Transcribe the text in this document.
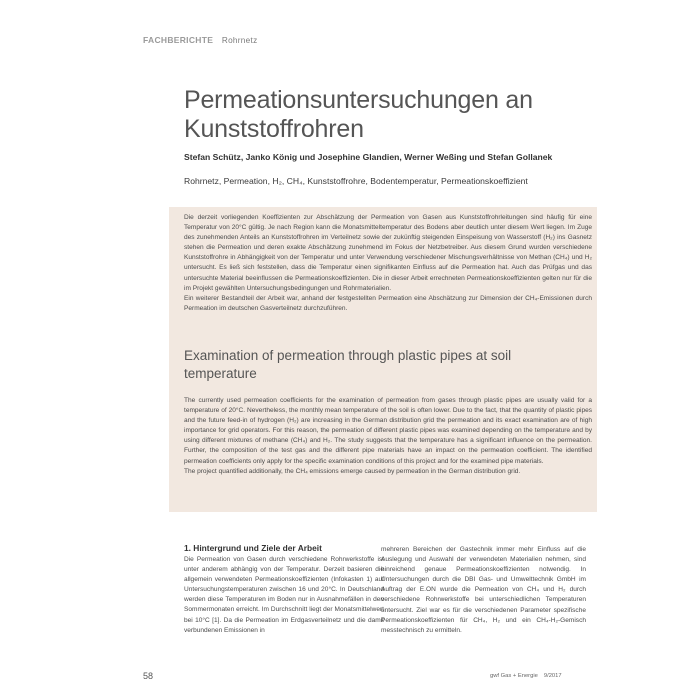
FACHBERICHTE Rohrnetz
Permeationsuntersuchungen an Kunststoffrohren
Stefan Schütz, Janko König und Josephine Glandien, Werner Weßing und Stefan Gollanek
Rohrnetz, Permeation, H₂, CH₄, Kunststoffrohre, Bodentemperatur, Permeationskoeffizient

Die derzeit vorliegenden Koeffizienten zur Abschätzung der Permeation von Gasen aus Kunststoffrohrleitungen sind häufig für eine Temperatur von 20°C gültig. Je nach Region kann die Monatsmitteltemperatur des Bodens aber deutlich unter diesem Wert liegen. Im Zuge des zunehmenden Anteils an Kunststoffrohren im Verteilnetz sowie der zukünftig steigenden Einspeisung von Wasserstoff (H₂) ins Gasnetz stehen die Permeation und deren exakte Abschätzung zunehmend im Fokus der Netzbetreiber. Aus diesem Grund wurden verschiedene Kunststoffrohre in Abhängigkeit von der Temperatur und unter Verwendung verschiedener Mischungsverhältnisse von Methan (CH₄) und H₂ untersucht. Es ließ sich feststellen, dass die Temperatur einen signifikanten Einfluss auf die Permeation hat. Auch das Prüfgas und das untersuchte Material beeinflussen die Permeationskoeffizienten. Die in dieser Arbeit errechneten Permeationskoeffizienten gelten nur für die im Projekt gewählten Untersuchungsbedingungen und Rohrmaterialien.

Ein weiterer Bestandteil der Arbeit war, anhand der festgestellten Permeation eine Abschätzung zur Dimension der CH₄-Emissionen durch Permeation im deutschen Gasverteilnetz durchzuführen.

Examination of permeation through plastic pipes at soil temperature

The currently used permeation coefficients for the examination of permeation from gases through plastic pipes are usually valid for a temperature of 20°C. Nevertheless, the monthly mean temperature of the soil is often lower. Due to the fact, that the quantity of plastic pipes and the future feed-in of hydrogen (H₂) are increasing in the German distribution grid the permeation and its exact examination are of high importance for grid operators. For this reason, the permeation of different plastic pipes was examined depending on the temperature and by using different mixtures of methane (CH₄) and H₂. The study suggests that the temperature has a significant influence on the permeation. Further, the composition of the test gas and the different pipe materials have an impact on the permeation coefficient. The identified permeation coefficients only apply for the specific examination conditions of this project and for the examined pipe materials.

The project quantified additionally, the CH₄ emissions emerge caused by permeation in the German distribution grid.

1. Hintergrund und Ziele der Arbeit

Die Permeation von Gasen durch verschiedene Rohrwerkstoffe ist unter anderem abhängig von der Temperatur. Derzeit basieren die allgemein verwendeten Permeationskoeffizienten (Infokasten 1) auf Untersuchungstemperaturen zwischen 16 und 20°C. In Deutschland werden diese Temperaturen im Boden nur in Ausnahmefällen in den Sommermonaten erreicht. Im Durchschnitt liegt der Monatsmittelwert bei 10°C [1]. Da die Permeation im Erdgasverteilnetz und die damit verbundenen Emissionen in

mehreren Bereichen der Gastechnik immer mehr Einfluss auf die Auslegung und Auswahl der verwendeten Materialien nehmen, sind hinreichend genaue Permeationskoeffizienten notwendig. In Untersuchungen durch die DBI Gas- und Umwelttechnik GmbH im Auftrag der E.ON wurde die Permeation von CH₄ und H₂ durch verschiedene Rohrwerkstoffe bei unterschiedlichen Temperaturen untersucht. Ziel war es für die verschiedenen Parameter spezifische Permeationskoeffizienten für CH₄, H₂ und ein CH₄-H₂-Gemisch messtechnisch zu ermitteln.

58	gwf Gas + Energie 9/2017
